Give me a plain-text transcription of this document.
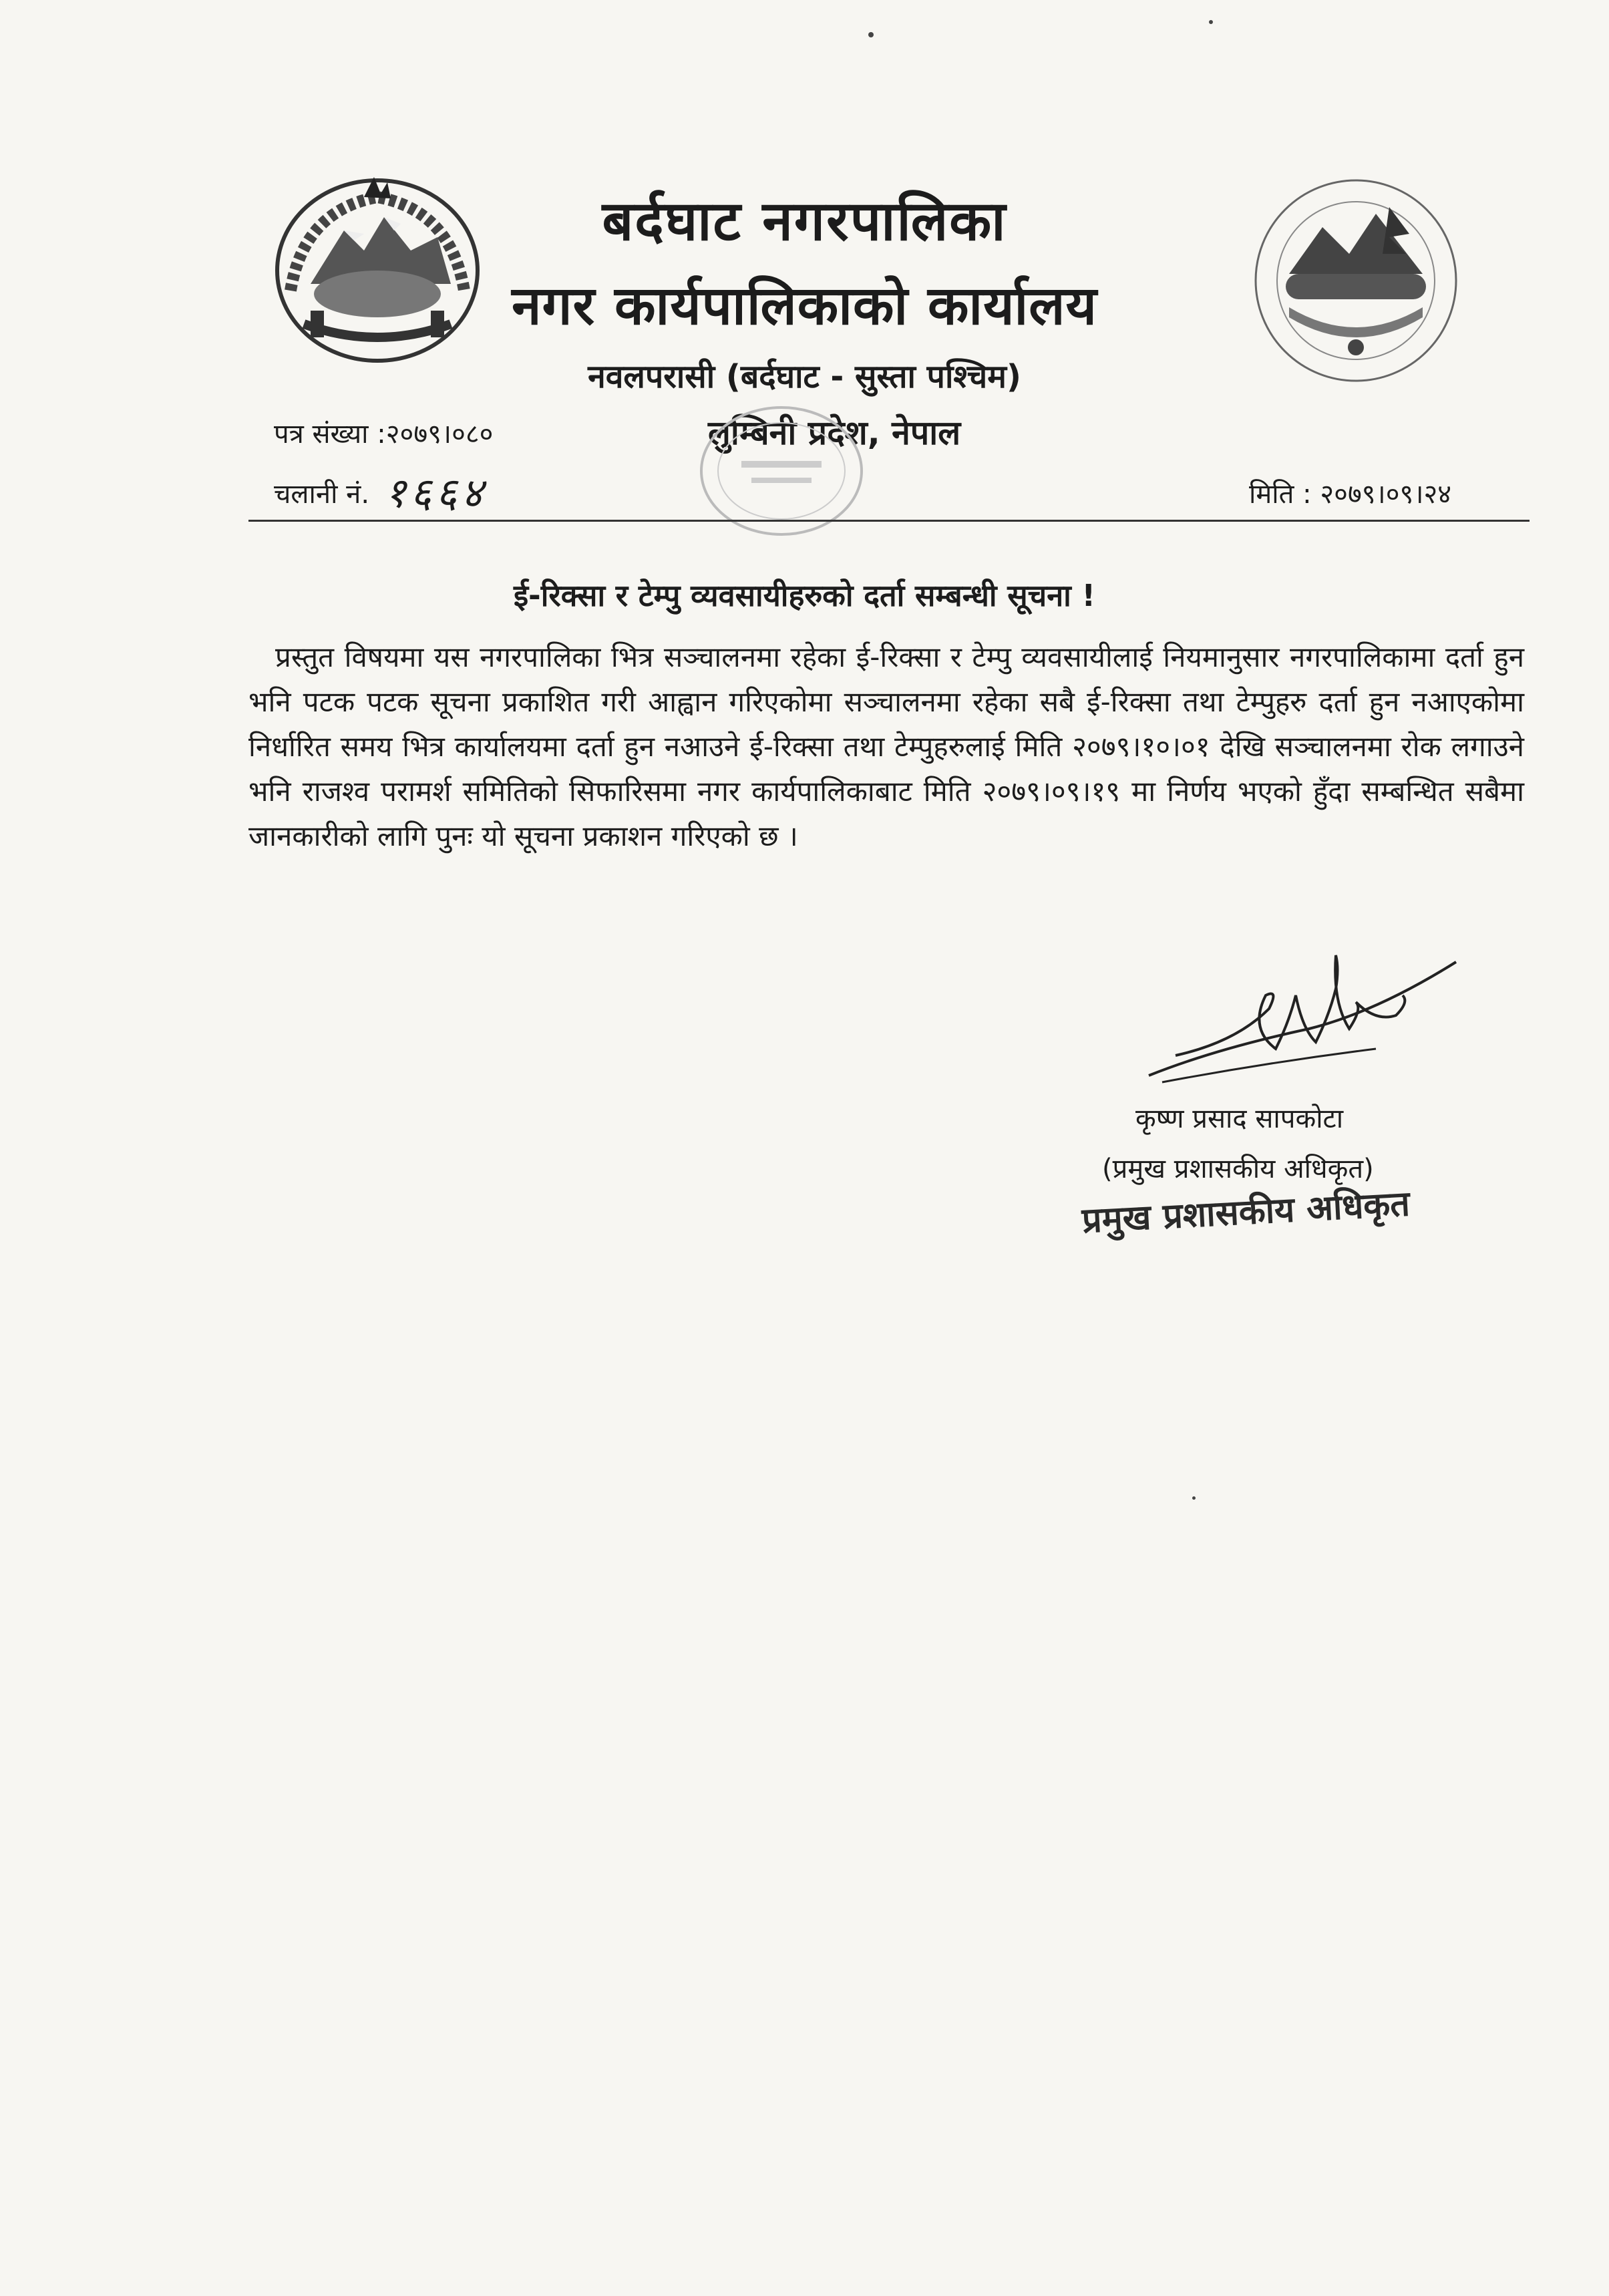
बर्दघाट नगरपालिका
नगर कार्यपालिकाको कार्यालय
नवलपरासी (बर्दघाट - सुस्ता पश्चिम)
लुम्बिनी प्रदेश, नेपाल
पत्र संख्या :२०७९।०८०
चलानी नं. १६६४	मिति : २०७९।०९।२४
ई-रिक्सा र टेम्पु व्यवसायीहरुको दर्ता सम्बन्धी सूचना !
प्रस्तुत विषयमा यस नगरपालिका भित्र सञ्चालनमा रहेका ई-रिक्सा र टेम्पु व्यवसायीलाई नियमानुसार नगरपालिकामा दर्ता हुन भनि पटक पटक सूचना प्रकाशित गरी आह्वान गरिएकोमा सञ्चालनमा रहेका सबै ई-रिक्सा तथा टेम्पुहरु दर्ता हुन नआएकोमा निर्धारित समय भित्र कार्यालयमा दर्ता हुन नआउने ई-रिक्सा तथा टेम्पुहरुलाई मिति २०७९।१०।०१ देखि सञ्चालनमा रोक लगाउने भनि राजश्व परामर्श समितिको सिफारिसमा नगर कार्यपालिकाबाट मिति २०७९।०९।१९ मा निर्णय भएको हुँदा सम्बन्धित सबैमा जानकारीको लागि पुनः यो सूचना प्रकाशन गरिएको छ ।
कृष्ण प्रसाद सापकोटा
(प्रमुख प्रशासकीय अधिकृत)
प्रमुख प्रशासकीय अधिकृत
